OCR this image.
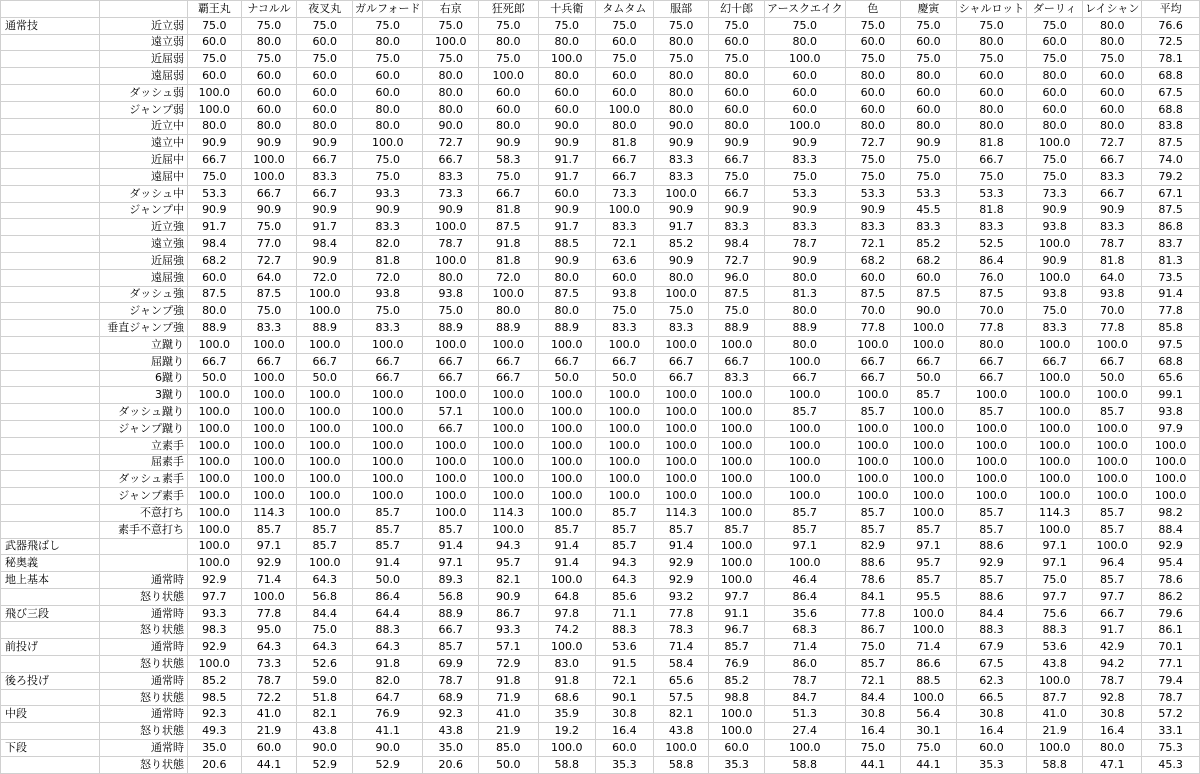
		覇王丸	ナコルル	夜叉丸	ガルフォード	右京	狂死郎	十兵衛	タムタム	服部	幻十郎	アースクエイク	色	慶寅	シャルロット	ダーリィ	レイシャン	平均
通常技	近立弱	75.0	75.0	75.0	75.0	75.0	75.0	75.0	75.0	75.0	75.0	75.0	75.0	75.0	75.0	75.0	80.0	76.6
	遠立弱	60.0	80.0	60.0	80.0	100.0	80.0	80.0	60.0	80.0	60.0	80.0	60.0	60.0	80.0	60.0	80.0	72.5
	近屈弱	75.0	75.0	75.0	75.0	75.0	75.0	100.0	75.0	75.0	75.0	100.0	75.0	75.0	75.0	75.0	75.0	78.1
	遠屈弱	60.0	60.0	60.0	60.0	80.0	100.0	80.0	60.0	80.0	80.0	60.0	80.0	80.0	60.0	80.0	60.0	68.8
	ダッシュ弱	100.0	60.0	60.0	60.0	80.0	60.0	60.0	60.0	80.0	60.0	60.0	60.0	60.0	60.0	60.0	60.0	67.5
	ジャンプ弱	100.0	60.0	60.0	80.0	80.0	60.0	60.0	100.0	80.0	60.0	60.0	60.0	60.0	80.0	60.0	60.0	68.8
	近立中	80.0	80.0	80.0	80.0	90.0	80.0	90.0	80.0	90.0	80.0	100.0	80.0	80.0	80.0	80.0	80.0	83.8
	遠立中	90.9	90.9	90.9	100.0	72.7	90.9	90.9	81.8	90.9	90.9	90.9	72.7	90.9	81.8	100.0	72.7	87.5
	近屈中	66.7	100.0	66.7	75.0	66.7	58.3	91.7	66.7	83.3	66.7	83.3	75.0	75.0	66.7	75.0	66.7	74.0
	遠屈中	75.0	100.0	83.3	75.0	83.3	75.0	91.7	66.7	83.3	75.0	75.0	75.0	75.0	75.0	75.0	83.3	79.2
	ダッシュ中	53.3	66.7	66.7	93.3	73.3	66.7	60.0	73.3	100.0	66.7	53.3	53.3	53.3	53.3	73.3	66.7	67.1
	ジャンプ中	90.9	90.9	90.9	90.9	90.9	81.8	90.9	100.0	90.9	90.9	90.9	90.9	45.5	81.8	90.9	90.9	87.5
	近立強	91.7	75.0	91.7	83.3	100.0	87.5	91.7	83.3	91.7	83.3	83.3	83.3	83.3	83.3	93.8	83.3	86.8
	遠立強	98.4	77.0	98.4	82.0	78.7	91.8	88.5	72.1	85.2	98.4	78.7	72.1	85.2	52.5	100.0	78.7	83.7
	近屈強	68.2	72.7	90.9	81.8	100.0	81.8	90.9	63.6	90.9	72.7	90.9	68.2	68.2	86.4	90.9	81.8	81.3
	遠屈強	60.0	64.0	72.0	72.0	80.0	72.0	80.0	60.0	80.0	96.0	80.0	60.0	60.0	76.0	100.0	64.0	73.5
	ダッシュ強	87.5	87.5	100.0	93.8	93.8	100.0	87.5	93.8	100.0	87.5	81.3	87.5	87.5	87.5	93.8	93.8	91.4
	ジャンプ強	80.0	75.0	100.0	75.0	75.0	80.0	80.0	75.0	75.0	75.0	80.0	70.0	90.0	70.0	75.0	70.0	77.8
	垂直ジャンプ強	88.9	83.3	88.9	83.3	88.9	88.9	88.9	83.3	83.3	88.9	88.9	77.8	100.0	77.8	83.3	77.8	85.8
	立蹴り	100.0	100.0	100.0	100.0	100.0	100.0	100.0	100.0	100.0	100.0	80.0	100.0	100.0	80.0	100.0	100.0	97.5
	屈蹴り	66.7	66.7	66.7	66.7	66.7	66.7	66.7	66.7	66.7	66.7	100.0	66.7	66.7	66.7	66.7	66.7	68.8
	6蹴り	50.0	100.0	50.0	66.7	66.7	66.7	50.0	50.0	66.7	83.3	66.7	66.7	50.0	66.7	100.0	50.0	65.6
	3蹴り	100.0	100.0	100.0	100.0	100.0	100.0	100.0	100.0	100.0	100.0	100.0	100.0	85.7	100.0	100.0	100.0	99.1
	ダッシュ蹴り	100.0	100.0	100.0	100.0	57.1	100.0	100.0	100.0	100.0	100.0	85.7	85.7	100.0	85.7	100.0	85.7	93.8
	ジャンプ蹴り	100.0	100.0	100.0	100.0	66.7	100.0	100.0	100.0	100.0	100.0	100.0	100.0	100.0	100.0	100.0	100.0	97.9
	立素手	100.0	100.0	100.0	100.0	100.0	100.0	100.0	100.0	100.0	100.0	100.0	100.0	100.0	100.0	100.0	100.0	100.0
	屈素手	100.0	100.0	100.0	100.0	100.0	100.0	100.0	100.0	100.0	100.0	100.0	100.0	100.0	100.0	100.0	100.0	100.0
	ダッシュ素手	100.0	100.0	100.0	100.0	100.0	100.0	100.0	100.0	100.0	100.0	100.0	100.0	100.0	100.0	100.0	100.0	100.0
	ジャンプ素手	100.0	100.0	100.0	100.0	100.0	100.0	100.0	100.0	100.0	100.0	100.0	100.0	100.0	100.0	100.0	100.0	100.0
	不意打ち	100.0	114.3	100.0	85.7	100.0	114.3	100.0	85.7	114.3	100.0	85.7	85.7	100.0	85.7	114.3	85.7	98.2
	素手不意打ち	100.0	85.7	85.7	85.7	85.7	100.0	85.7	85.7	85.7	85.7	85.7	85.7	85.7	85.7	100.0	85.7	88.4
武器飛ばし		100.0	97.1	85.7	85.7	91.4	94.3	91.4	85.7	91.4	100.0	97.1	82.9	97.1	88.6	97.1	100.0	92.9
秘奥義		100.0	92.9	100.0	91.4	97.1	95.7	91.4	94.3	92.9	100.0	100.0	88.6	95.7	92.9	97.1	96.4	95.4
地上基本	通常時	92.9	71.4	64.3	50.0	89.3	82.1	100.0	64.3	92.9	100.0	46.4	78.6	85.7	85.7	75.0	85.7	78.6
	怒り状態	97.7	100.0	56.8	86.4	56.8	90.9	64.8	85.6	93.2	97.7	86.4	84.1	95.5	88.6	97.7	97.7	86.2
飛び三段	通常時	93.3	77.8	84.4	64.4	88.9	86.7	97.8	71.1	77.8	91.1	35.6	77.8	100.0	84.4	75.6	66.7	79.6
	怒り状態	98.3	95.0	75.0	88.3	66.7	93.3	74.2	88.3	78.3	96.7	68.3	86.7	100.0	88.3	88.3	91.7	86.1
前投げ	通常時	92.9	64.3	64.3	64.3	85.7	57.1	100.0	53.6	71.4	85.7	71.4	75.0	71.4	67.9	53.6	42.9	70.1
	怒り状態	100.0	73.3	52.6	91.8	69.9	72.9	83.0	91.5	58.4	76.9	86.0	85.7	86.6	67.5	43.8	94.2	77.1
後ろ投げ	通常時	85.2	78.7	59.0	82.0	78.7	91.8	91.8	72.1	65.6	85.2	78.7	72.1	88.5	62.3	100.0	78.7	79.4
	怒り状態	98.5	72.2	51.8	64.7	68.9	71.9	68.6	90.1	57.5	98.8	84.7	84.4	100.0	66.5	87.7	92.8	78.7
中段	通常時	92.3	41.0	82.1	76.9	92.3	41.0	35.9	30.8	82.1	100.0	51.3	30.8	56.4	30.8	41.0	30.8	57.2
	怒り状態	49.3	21.9	43.8	41.1	43.8	21.9	19.2	16.4	43.8	100.0	27.4	16.4	30.1	16.4	21.9	16.4	33.1
下段	通常時	35.0	60.0	90.0	90.0	35.0	85.0	100.0	60.0	100.0	60.0	100.0	75.0	75.0	60.0	100.0	80.0	75.3
	怒り状態	20.6	44.1	52.9	52.9	20.6	50.0	58.8	35.3	58.8	35.3	58.8	44.1	44.1	35.3	58.8	47.1	45.3
